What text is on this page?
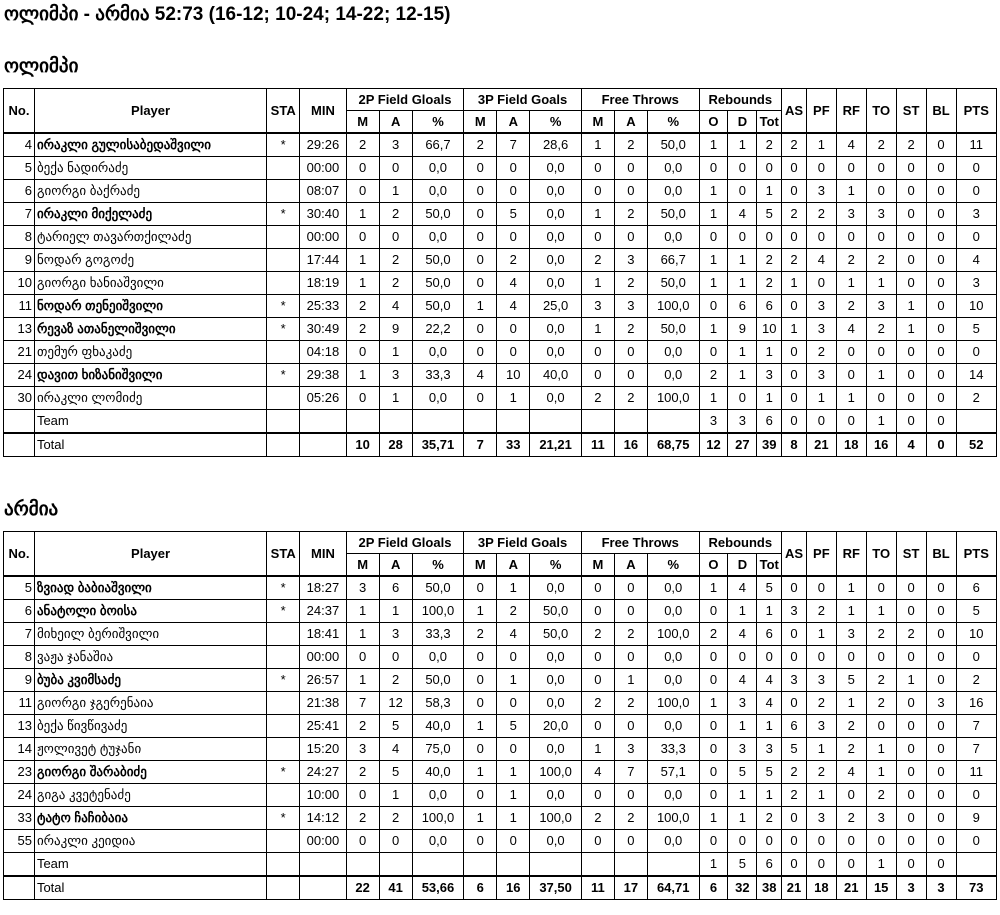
ოლიმპი - არმია 52:73 (16-12; 10-24; 14-22; 12-15)
ოლიმპი
No.	Player	STA	MIN	2P Field Gloals			3P Field Goals			Free Throws			Rebounds			AS	PF	RF	TO	ST	BL	PTS
				M	A	%	M	A	%	M	A	%	O	D	Tot							
4	ირაკლი გულისაბედაშვილი	*	29:26	2	3	66,7	2	7	28,6	1	2	50,0	1	1	2	2	1	4	2	2	0	11
5	ბექა ნადირაძე		00:00	0	0	0,0	0	0	0,0	0	0	0,0	0	0	0	0	0	0	0	0	0	0
6	გიორგი ბაქრაძე		08:07	0	1	0,0	0	0	0,0	0	0	0,0	1	0	1	0	3	1	0	0	0	0
7	ირაკლი მიქელაძე	*	30:40	1	2	50,0	0	5	0,0	1	2	50,0	1	4	5	2	2	3	3	0	0	3
8	ტარიელ თავართქილაძე		00:00	0	0	0,0	0	0	0,0	0	0	0,0	0	0	0	0	0	0	0	0	0	0
9	ნოდარ გოგოძე		17:44	1	2	50,0	0	2	0,0	2	3	66,7	1	1	2	2	4	2	2	0	0	4
10	გიორგი ხანიაშვილი		18:19	1	2	50,0	0	4	0,0	1	2	50,0	1	1	2	1	0	1	1	0	0	3
11	ნოდარ თენეიშვილი	*	25:33	2	4	50,0	1	4	25,0	3	3	100,0	0	6	6	0	3	2	3	1	0	10
13	რევაზ ათანელიშვილი	*	30:49	2	9	22,2	0	0	0,0	1	2	50,0	1	9	10	1	3	4	2	1	0	5
21	თემურ ფხაკაძე		04:18	0	1	0,0	0	0	0,0	0	0	0,0	0	1	1	0	2	0	0	0	0	0
24	დავით ხიზანიშვილი	*	29:38	1	3	33,3	4	10	40,0	0	0	0,0	2	1	3	0	3	0	1	0	0	14
30	ირაკლი ლომიძე		05:26	0	1	0,0	0	1	0,0	2	2	100,0	1	0	1	0	1	1	0	0	0	2
	Team												3	3	6	0	0	0	1	0	0	
	Total			10	28	35,71	7	33	21,21	11	16	68,75	12	27	39	8	21	18	16	4	0	52
არმია
No.	Player	STA	MIN	2P Field Gloals			3P Field Goals			Free Throws			Rebounds			AS	PF	RF	TO	ST	BL	PTS
				M	A	%	M	A	%	M	A	%	O	D	Tot							
5	ზვიად ბაბიაშვილი	*	18:27	3	6	50,0	0	1	0,0	0	0	0,0	1	4	5	0	0	1	0	0	0	6
6	ანატოლი ბოისა	*	24:37	1	1	100,0	1	2	50,0	0	0	0,0	0	1	1	3	2	1	1	0	0	5
7	მიხეილ ბერიშვილი		18:41	1	3	33,3	2	4	50,0	2	2	100,0	2	4	6	0	1	3	2	2	0	10
8	ვაჟა ჯანაშია		00:00	0	0	0,0	0	0	0,0	0	0	0,0	0	0	0	0	0	0	0	0	0	0
9	ბუბა კვიმსაძე	*	26:57	1	2	50,0	0	1	0,0	0	1	0,0	0	4	4	3	3	5	2	1	0	2
11	გიორგი ჯგერენაია		21:38	7	12	58,3	0	0	0,0	2	2	100,0	1	3	4	0	2	1	2	0	3	16
13	ბექა წივწივაძე		25:41	2	5	40,0	1	5	20,0	0	0	0,0	0	1	1	6	3	2	0	0	0	7
14	ჟოლივეტ ტუჯანი		15:20	3	4	75,0	0	0	0,0	1	3	33,3	0	3	3	5	1	2	1	0	0	7
23	გიორგი შარაბიძე	*	24:27	2	5	40,0	1	1	100,0	4	7	57,1	0	5	5	2	2	4	1	0	0	11
24	გიგა კვეტენაძე		10:00	0	1	0,0	0	1	0,0	0	0	0,0	0	1	1	2	1	0	2	0	0	0
33	ტატო ჩაჩიბაია	*	14:12	2	2	100,0	1	1	100,0	2	2	100,0	1	1	2	0	3	2	3	0	0	9
55	ირაკლი კეიდია		00:00	0	0	0,0	0	0	0,0	0	0	0,0	0	0	0	0	0	0	0	0	0	0
	Team												1	5	6	0	0	0	1	0	0	
	Total			22	41	53,66	6	16	37,50	11	17	64,71	6	32	38	21	18	21	15	3	3	73
